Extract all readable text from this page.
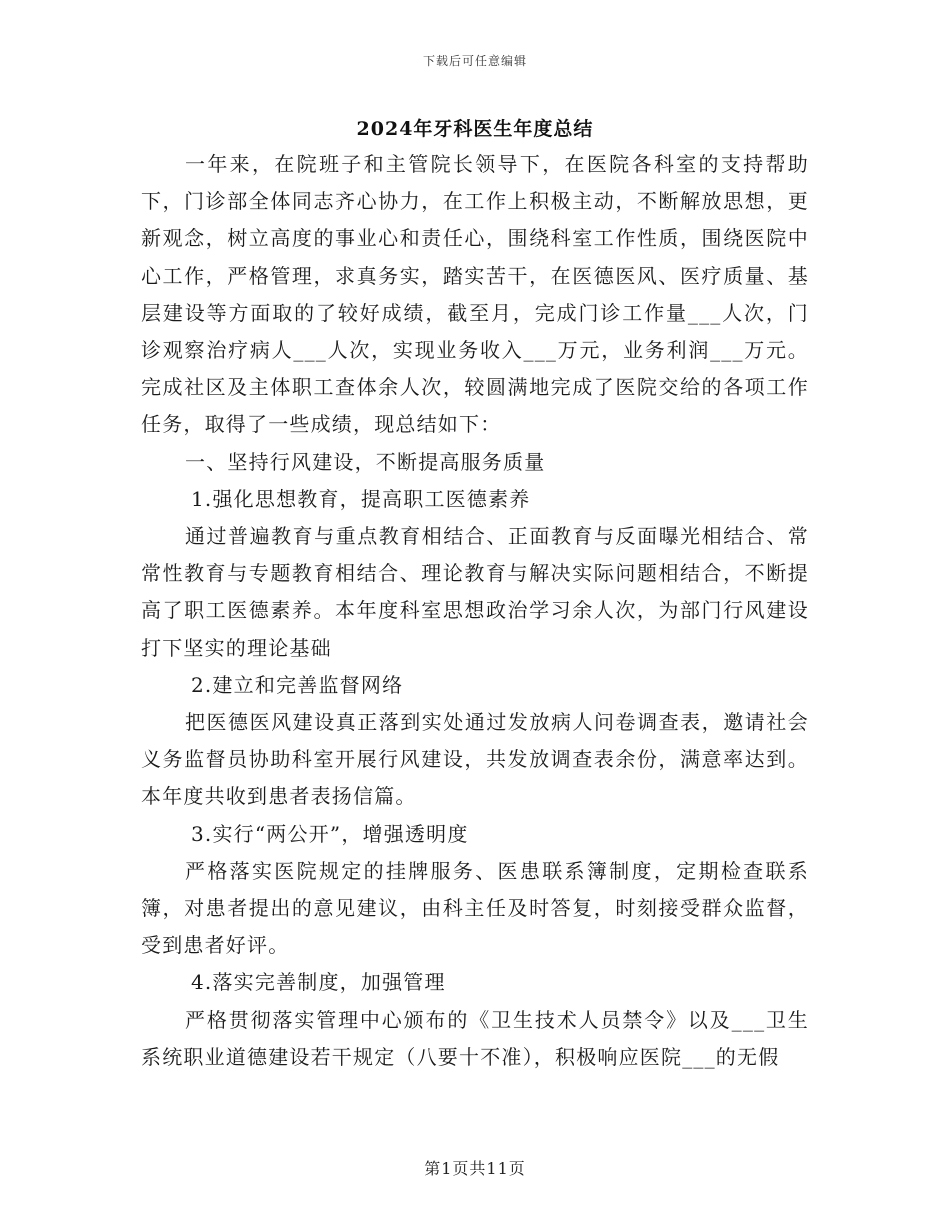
下载后可任意编辑
2024年牙科医生年度总结

一年来，在院班子和主管院长领导下，在医院各科室的支持帮助下，门诊部全体同志齐心协力，在工作上积极主动，不断解放思想，更新观念，树立高度的事业心和责任心，围绕科室工作性质，围绕医院中心工作，严格管理，求真务实，踏实苦干，在医德医风、医疗质量、基层建设等方面取的了较好成绩，截至月，完成门诊工作量___人次，门诊观察治疗病人___人次，实现业务收入___万元，业务利润___万元。完成社区及主体职工查体余人次，较圆满地完成了医院交给的各项工作任务，取得了一些成绩，现总结如下：

一、坚持行风建设，不断提高服务质量

1.强化思想教育，提高职工医德素养

通过普遍教育与重点教育相结合、正面教育与反面曝光相结合、常常性教育与专题教育相结合、理论教育与解决实际问题相结合，不断提高了职工医德素养。本年度科室思想政治学习余人次，为部门行风建设打下坚实的理论基础

2.建立和完善监督网络

把医德医风建设真正落到实处通过发放病人问卷调查表，邀请社会义务监督员协助科室开展行风建设，共发放调查表余份，满意率达到。本年度共收到患者表扬信篇。

3.实行“两公开”，增强透明度

严格落实医院规定的挂牌服务、医患联系簿制度，定期检查联系簿，对患者提出的意见建议，由科主任及时答复，时刻接受群众监督，受到患者好评。

4.落实完善制度，加强管理

严格贯彻落实管理中心颁布的《卫生技术人员禁令》以及___卫生系统职业道德建设若干规定（八要十不准），积极响应医院___的无假

第1页共11页
